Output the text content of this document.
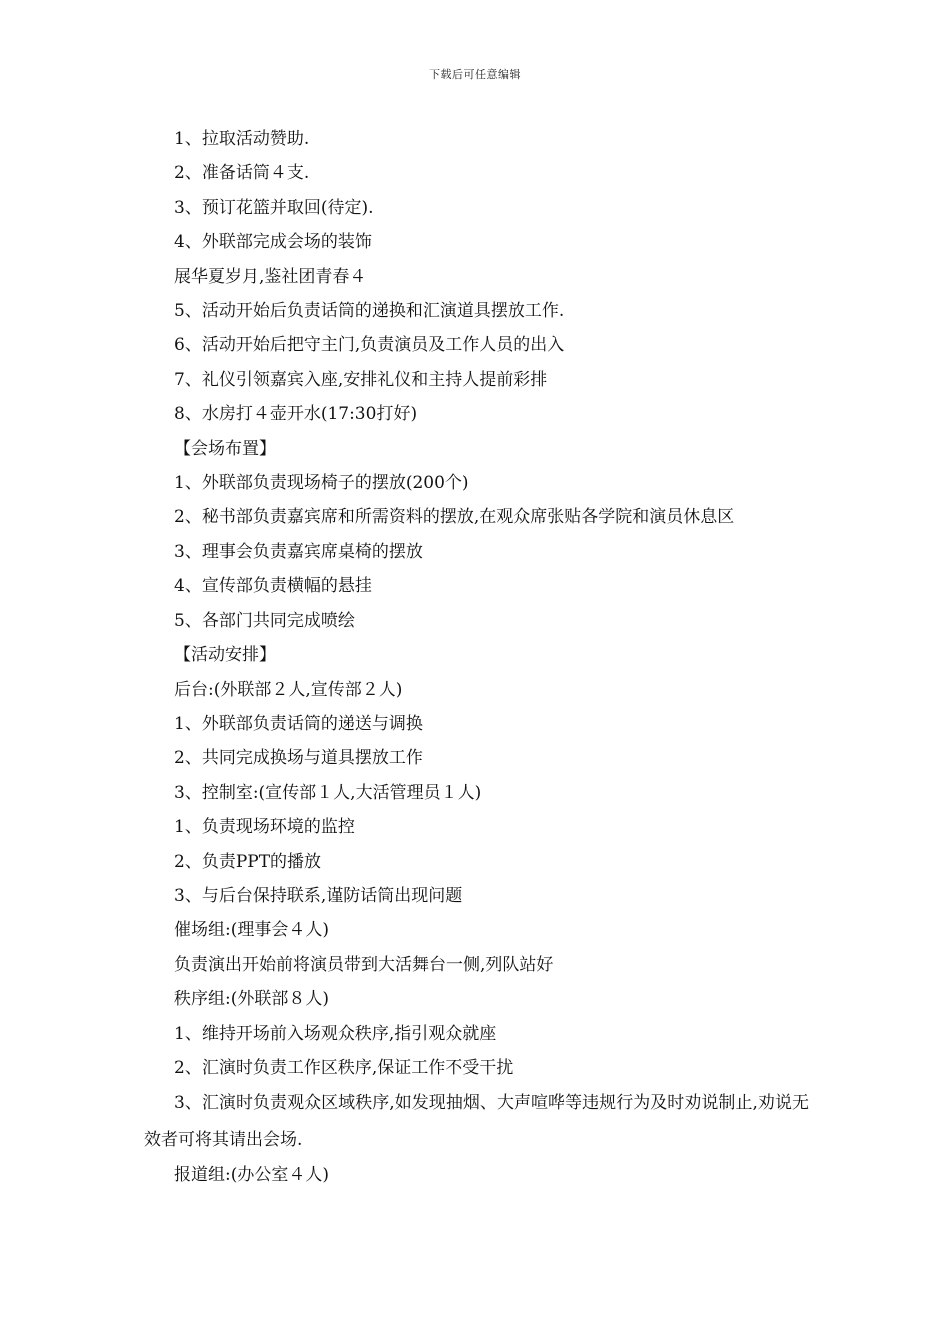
下载后可任意编辑

1、拉取活动赞助.

2、准备话筒４支.

3、预订花篮并取回(待定).

4、外联部完成会场的装饰

展华夏岁月,鉴社团青春４

5、活动开始后负责话筒的递换和汇演道具摆放工作.

6、活动开始后把守主门,负责演员及工作人员的出入

7、礼仪引领嘉宾入座,安排礼仪和主持人提前彩排

8、水房打４壶开水(17:30打好)

【会场布置】

1、外联部负责现场椅子的摆放(200个)

2、秘书部负责嘉宾席和所需资料的摆放,在观众席张贴各学院和演员休息区

3、理事会负责嘉宾席桌椅的摆放

4、宣传部负责横幅的悬挂

5、各部门共同完成喷绘

【活动安排】

后台:(外联部２人,宣传部２人)

1、外联部负责话筒的递送与调换

2、共同完成换场与道具摆放工作

3、控制室:(宣传部１人,大活管理员１人)

1、负责现场环境的监控

2、负责PPT的播放

3、与后台保持联系,谨防话筒出现问题

催场组:(理事会４人)

负责演出开始前将演员带到大活舞台一侧,列队站好

秩序组:(外联部８人)

1、维持开场前入场观众秩序,指引观众就座

2、汇演时负责工作区秩序,保证工作不受干扰

3、汇演时负责观众区域秩序,如发现抽烟、大声喧哗等违规行为及时劝说制止,劝说无效者可将其请出会场.

报道组:(办公室４人)
